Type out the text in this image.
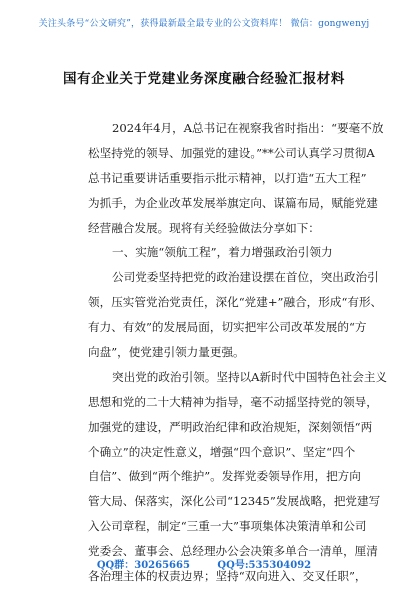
关注头条号“公文研究”，获得最新最全最专业的公文资料库！ 微信：gongwenyj
国有企业关于党建业务深度融合经验汇报材料
2024年4月，A总书记在视察我省时指出：“要毫不放
松坚持党的领导、加强党的建设。”**公司认真学习贯彻A
总书记重要讲话重要指示批示精神，以打造“五大工程”
为抓手，为企业改革发展举旗定向、谋篇布局，赋能党建
经营融合发展。现将有关经验做法分享如下：
一、实施“领航工程”，着力增强政治引领力
公司党委坚持把党的政治建设摆在首位，突出政治引
领，压实管党治党责任，深化“党建+”融合，形成“有形、
有力、有效”的发展局面，切实把牢公司改革发展的“方
向盘”，使党建引领力量更强。
突出党的政治引领。坚持以A新时代中国特色社会主义
思想和党的二十大精神为指导，毫不动摇坚持党的领导，
加强党的建设，严明政治纪律和政治规矩，深刻领悟“两
个确立”的决定性意义，增强“四个意识”、坚定“四个
自信”、做到“两个维护”。发挥党委领导作用，把方向
管大局、保落实，深化公司“12345”发展战略，把党建写
入公司章程，制定“三重一大”事项集体决策清单和公司
党委会、董事会、总经理办公会决策多单合一清单，厘清
各治理主体的权责边界；坚持“双向进入、交叉任职”，
QQ群：30265665	QQ号:535304092
